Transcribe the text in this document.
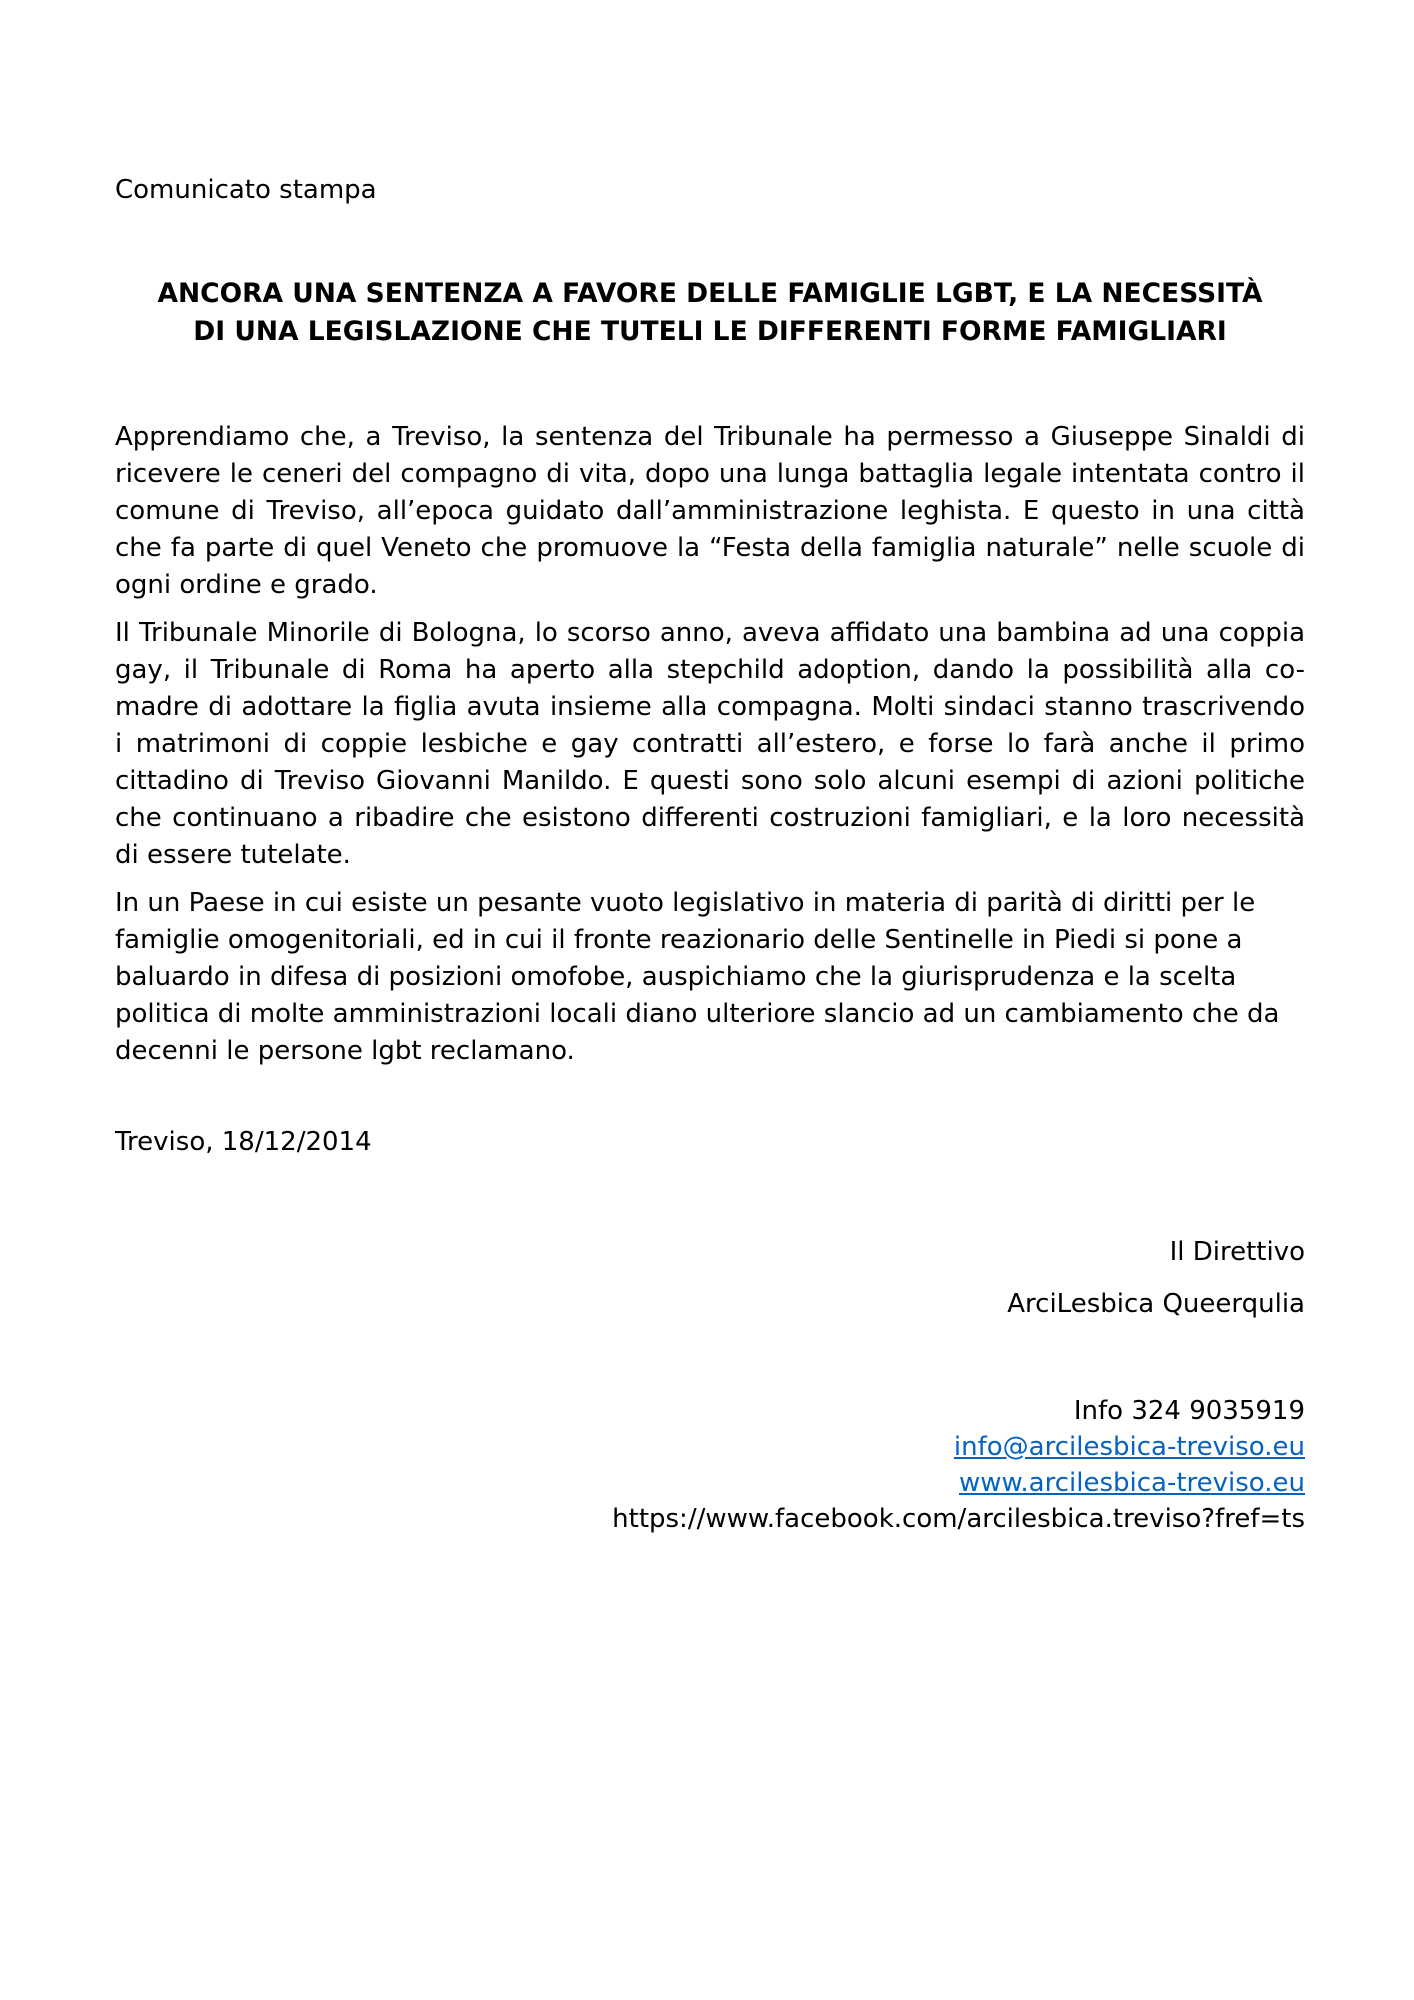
Comunicato stampa

ANCORA UNA SENTENZA A FAVORE DELLE FAMIGLIE LGBT, E LA NECESSITÀ
DI UNA LEGISLAZIONE CHE TUTELI LE DIFFERENTI FORME FAMIGLIARI

Apprendiamo che, a Treviso, la sentenza del Tribunale ha permesso a Giuseppe Sinaldi di ricevere le ceneri del compagno di vita, dopo una lunga battaglia legale intentata contro il comune di Treviso, all’epoca guidato dall’amministrazione leghista. E questo in una città che fa parte di quel Veneto che promuove la “Festa della famiglia naturale” nelle scuole di ogni ordine e grado.

Il Tribunale Minorile di Bologna, lo scorso anno, aveva affidato una bambina ad una coppia gay, il Tribunale di Roma ha aperto alla stepchild adoption, dando la possibilità alla co-madre di adottare la figlia avuta insieme alla compagna. Molti sindaci stanno trascrivendo i matrimoni di coppie lesbiche e gay contratti all’estero, e forse lo farà anche il primo cittadino di Treviso Giovanni Manildo. E questi sono solo alcuni esempi di azioni politiche che continuano a ribadire che esistono differenti costruzioni famigliari, e la loro necessità di essere tutelate.

In un Paese in cui esiste un pesante vuoto legislativo in materia di parità di diritti per le famiglie omogenitoriali, ed in cui il fronte reazionario delle Sentinelle in Piedi si pone a baluardo in difesa di posizioni omofobe, auspichiamo che la giurisprudenza e la scelta politica di molte amministrazioni locali diano ulteriore slancio ad un cambiamento che da decenni le persone lgbt reclamano.

Treviso, 18/12/2014

Il Direttivo

ArciLesbica Queerqulia

Info 324 9035919

info@arcilesbica-treviso.eu

www.arcilesbica-treviso.eu

https://www.facebook.com/arcilesbica.treviso?fref=ts
